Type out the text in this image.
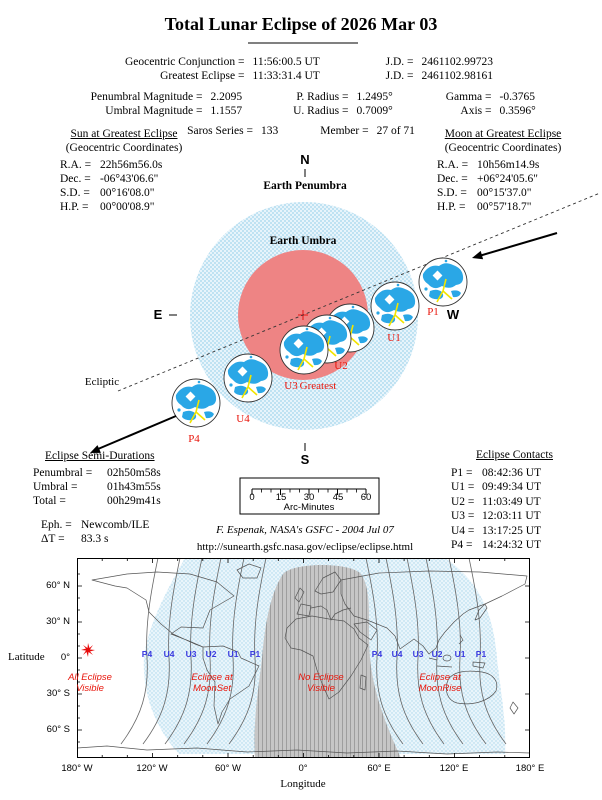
Total Lunar Eclipse of 2026 Mar 03
Geocentric Conjunction = 11:56:00.5 UT	J.D. = 2461102.99723
Greatest Eclipse = 11:33:31.4 UT	J.D. = 2461102.98161
Penumbral Magnitude = 2.2095	P. Radius = 1.2495°	Gamma = -0.3765
Umbral Magnitude = 1.1557	U. Radius = 0.7009°	Axis = 0.3596°
Saros Series = 133	Member = 27 of 71
Sun at Greatest Eclipse
(Geocentric Coordinates)
R.A. = 22h56m56.0s
Dec. = -06°43'06.6"
S.D. = 00°16'08.0"
H.P. = 00°00'08.9"
Moon at Greatest Eclipse
(Geocentric Coordinates)
R.A. = 10h56m14.9s
Dec. = +06°24'05.6"
S.D. = 00°15'37.0"
H.P. = 00°57'18.7"
N
Earth Penumbra
Earth Umbra
E	W
S
Ecliptic
P1
U1
U2
Greatest
U3
U4
P4
Eclipse Semi-Durations
Penumbral = 02h50m58s
Umbral =	01h43m55s
Total =	00h29m41s
Eph. = Newcomb/ILE
ΔT = 83.3 s
Eclipse Contacts
P1 = 08:42:36 UT
U1 = 09:49:34 UT
U2 = 11:03:49 UT
U3 = 12:03:11 UT
U4 = 13:17:25 UT
P4 = 14:24:32 UT
0 15 30 45 60
Arc-Minutes
F. Espenak, NASA's GSFC - 2004 Jul 07
http://sunearth.gsfc.nasa.gov/eclipse/eclipse.html
Latitude
60° N
30° N
0°
30° S
60° S
180° W	120° W	60° W	0°	60° E	120° E	180° E
Longitude
P4 U4 U3 U2 U1 P1	P4 U4 U3 U2 U1 P1
All Eclipse
Visible
Eclipse at
MoonSet
No Eclipse
Visible
Eclipse at
MoonRise
